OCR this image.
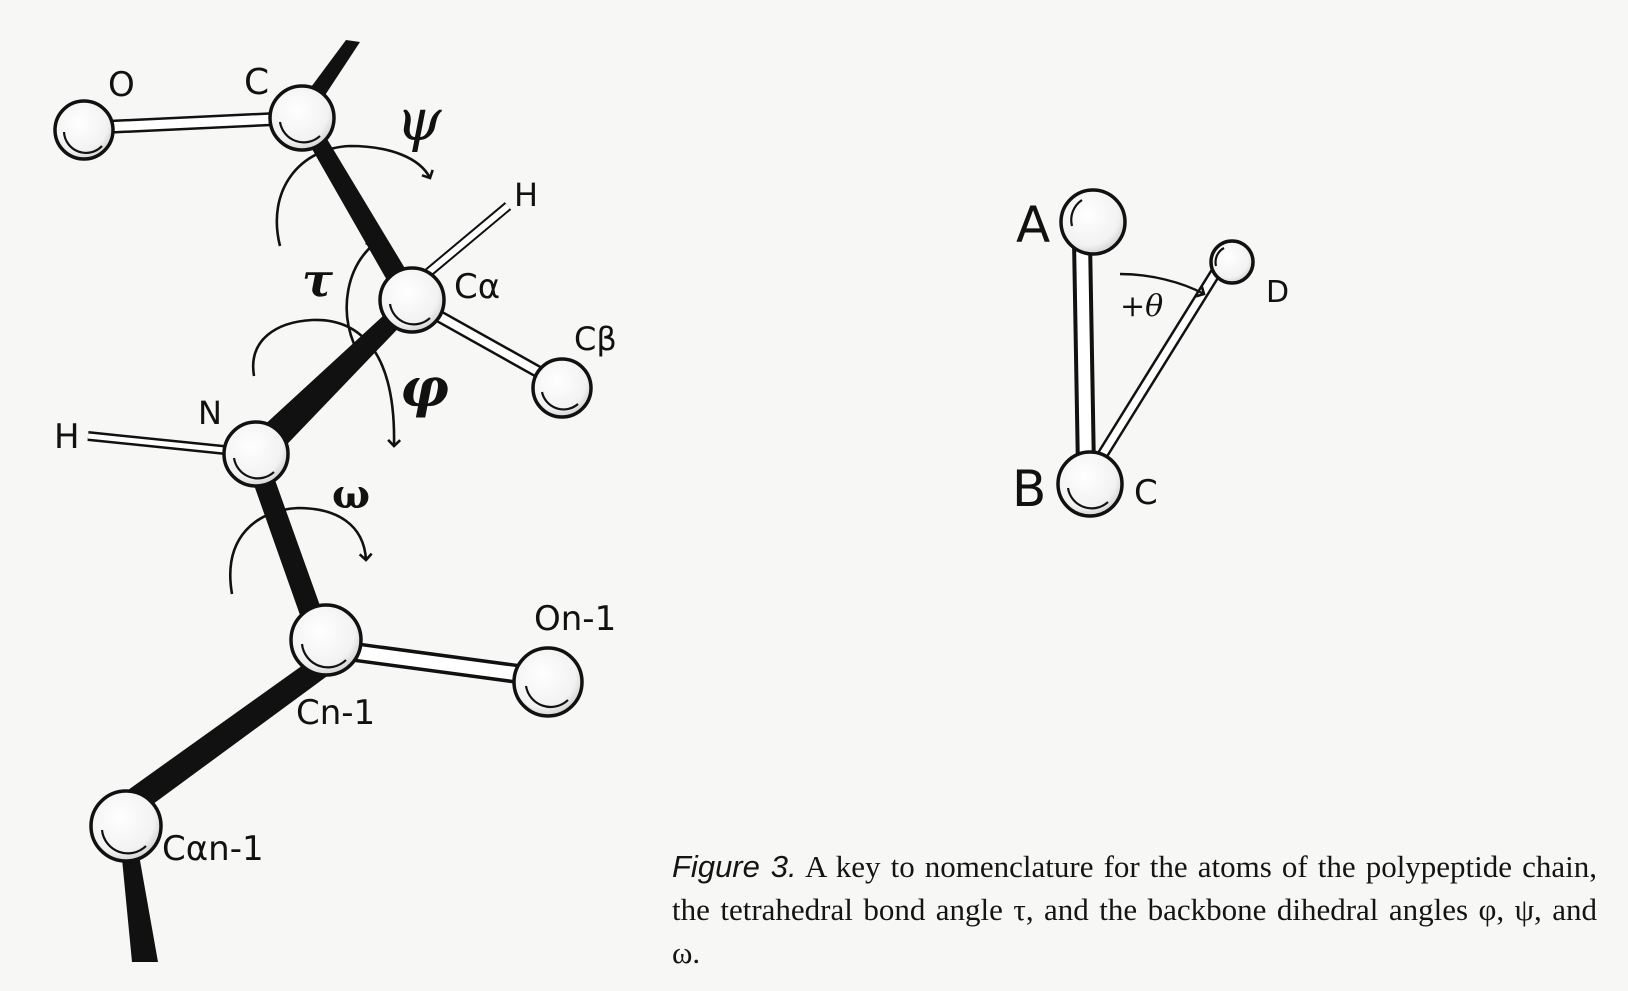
O	C
Cα
H
Cβ
N
H
Cn-1
On-1
Cαn-1
ψ
τ
φ
ω
A
B	C
D
+θ
Figure 3. A key to nomenclature for the atoms of the polypeptide chain, the tetrahedral bond angle τ, and the backbone dihedral angles φ, ψ, and ω.
